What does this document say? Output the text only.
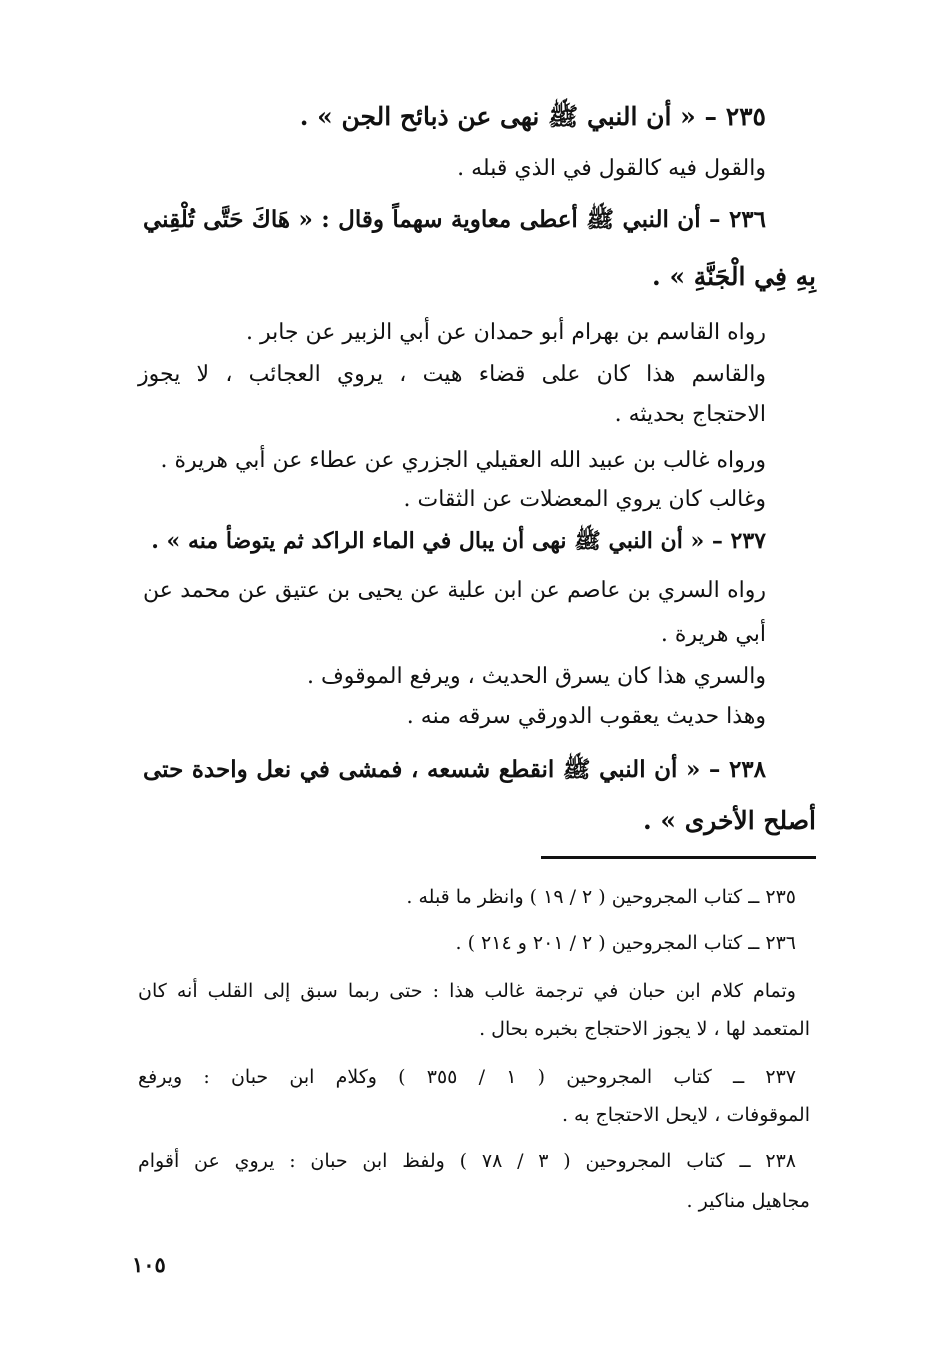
٢٣٥ – « أن النبي ﷺ نهى عن ذبائح الجن » .

والقول فيه كالقول في الذي قبله .

٢٣٦ – أن النبي ﷺ أعطى معاوية سهماً وقال : « هَاكَ حَتَّى تُلْقِني

بِهِ فِي الْجَنَّةِ » .

رواه القاسم بن بهرام أبو حمدان عن أبي الزبير عن جابر .

والقاسم هذا كان على قضاء هيت ، يروي العجائب ، لا يجوز

الاحتجاج بحديثه .

ورواه غالب بن عبيد الله العقيلي الجزري عن عطاء عن أبي هريرة .

وغالب كان يروي المعضلات عن الثقات .

٢٣٧ – « أن النبي ﷺ نهى أن يبال في الماء الراكد ثم يتوضأ منه » .

رواه السري بن عاصم عن ابن علية عن يحيى بن عتيق عن محمد عن

أبي هريرة .

والسري هذا كان يسرق الحديث ، ويرفع الموقوف .

وهذا حديث يعقوب الدورقي سرقه منه .

٢٣٨ – « أن النبي ﷺ انقطع شسعه ، فمشى في نعل واحدة حتى

أصلح الأخرى » .

٢٣٥ ــ كتاب المجروحين ( ٢ / ١٩ ) وانظر ما قبله .

٢٣٦ ــ كتاب المجروحين ( ٢ / ٢٠١ و ٢١٤ ) .

وتمام كلام ابن حبان في ترجمة غالب هذا : حتى ربما سبق إلى القلب أنه كان

المتعمد لها ، لا يجوز الاحتجاج بخبره بحال .

٢٣٧ ــ كتاب المجروحين ( ١ / ٣٥٥ ) وكلام ابن حبان : ويرفع

الموقوفات ، لايحل الاحتجاج به .

٢٣٨ ــ كتاب المجروحين ( ٣ / ٧٨ ) ولفظ ابن حبان : يروي عن أقوام

مجاهيل مناكير .

١٠٥
